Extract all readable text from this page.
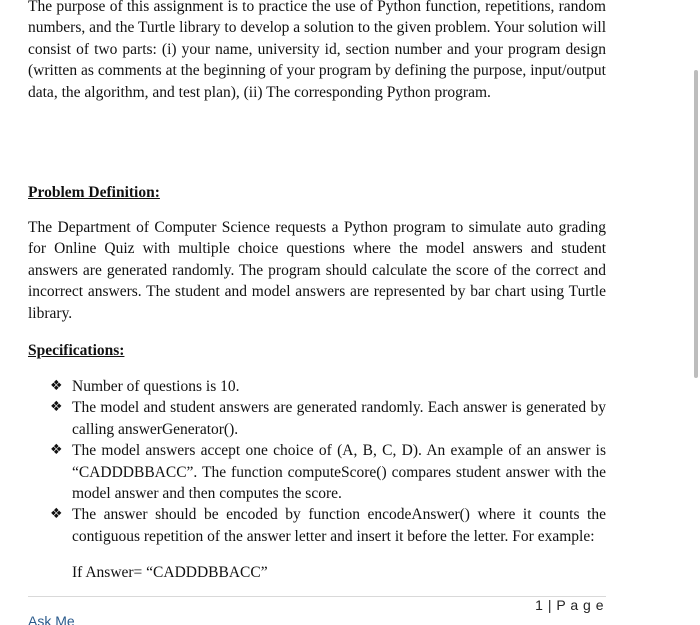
The purpose of this assignment is to practice the use of Python function, repetitions, random numbers, and the Turtle library to develop a solution to the given problem. Your solution will consist of two parts: (i) your name, university id, section number and your program design (written as comments at the beginning of your program by defining the purpose, input/output data, the algorithm, and test plan), (ii) The corresponding Python program.

Problem Definition:

The Department of Computer Science requests a Python program to simulate auto grading for Online Quiz with multiple choice questions where the model answers and student answers are generated randomly. The program should calculate the score of the correct and incorrect answers. The student and model answers are represented by bar chart using Turtle library.

Specifications:
❖ Number of questions is 10.
❖ The model and student answers are generated randomly. Each answer is generated by calling answerGenerator().
❖ The model answers accept one choice of (A, B, C, D). An example of an answer is “CADDDBBACC”. The function computeScore() compares student answer with the model answer and then computes the score.
❖ The answer should be encoded by function encodeAnswer() where it counts the contiguous repetition of the answer letter and insert it before the letter. For example:

If Answer= “CADDDBBACC”

1 | P a g e
Ask Me
